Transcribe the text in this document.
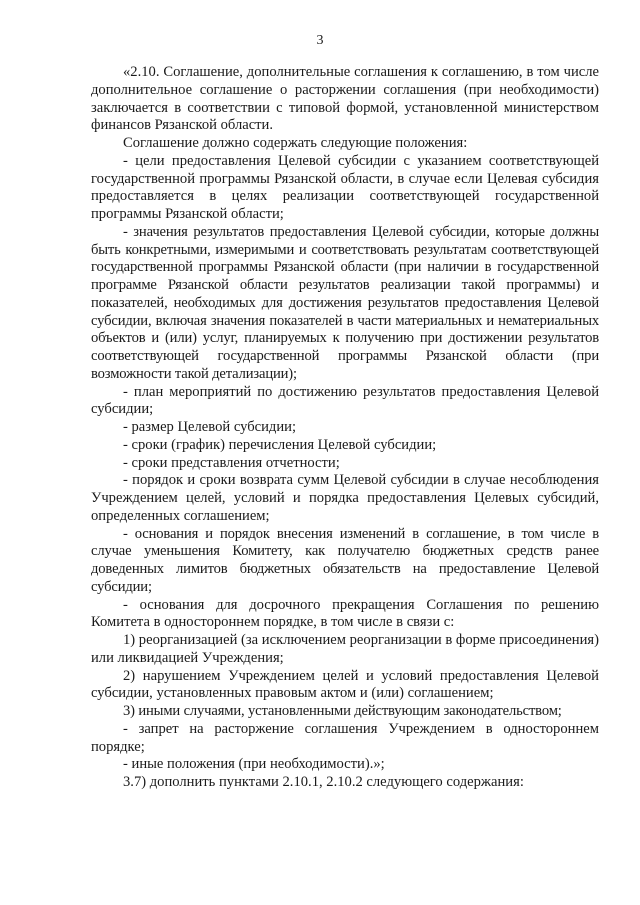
3

«2.10. Соглашение, дополнительные соглашения к соглашению, в том числе дополнительное соглашение о расторжении соглашения (при необходимости) заключается в соответствии с типовой формой, установленной министерством финансов Рязанской области.

Соглашение должно содержать следующие положения:

- цели предоставления Целевой субсидии с указанием соответствующей государственной программы Рязанской области, в случае если Целевая субсидия предоставляется в целях реализации соответствующей государственной программы Рязанской области;

- значения результатов предоставления Целевой субсидии, которые должны быть конкретными, измеримыми и соответствовать результатам соответствующей государственной программы Рязанской области (при наличии в государственной программе Рязанской области результатов реализации такой программы) и показателей, необходимых для достижения результатов предоставления Целевой субсидии, включая значения показателей в части материальных и нематериальных объектов и (или) услуг, планируемых к получению при достижении результатов соответствующей государственной программы Рязанской области (при возможности такой детализации);

- план мероприятий по достижению результатов предоставления Целевой субсидии;

- размер Целевой субсидии;

- сроки (график) перечисления Целевой субсидии;

- сроки представления отчетности;

- порядок и сроки возврата сумм Целевой субсидии в случае несоблюдения Учреждением целей, условий и порядка предоставления Целевых субсидий, определенных соглашением;

- основания и порядок внесения изменений в соглашение, в том числе в случае уменьшения Комитету, как получателю бюджетных средств ранее доведенных лимитов бюджетных обязательств на предоставление Целевой субсидии;

- основания для досрочного прекращения Соглашения по решению Комитета в одностороннем порядке, в том числе в связи с:

1) реорганизацией (за исключением реорганизации в форме присоединения) или ликвидацией Учреждения;

2) нарушением Учреждением целей и условий предоставления Целевой субсидии, установленных правовым актом и (или) соглашением;

3) иными случаями, установленными действующим законодательством;

- запрет на расторжение соглашения Учреждением в одностороннем порядке;

- иные положения (при необходимости).»;

3.7) дополнить пунктами 2.10.1, 2.10.2 следующего содержания:
